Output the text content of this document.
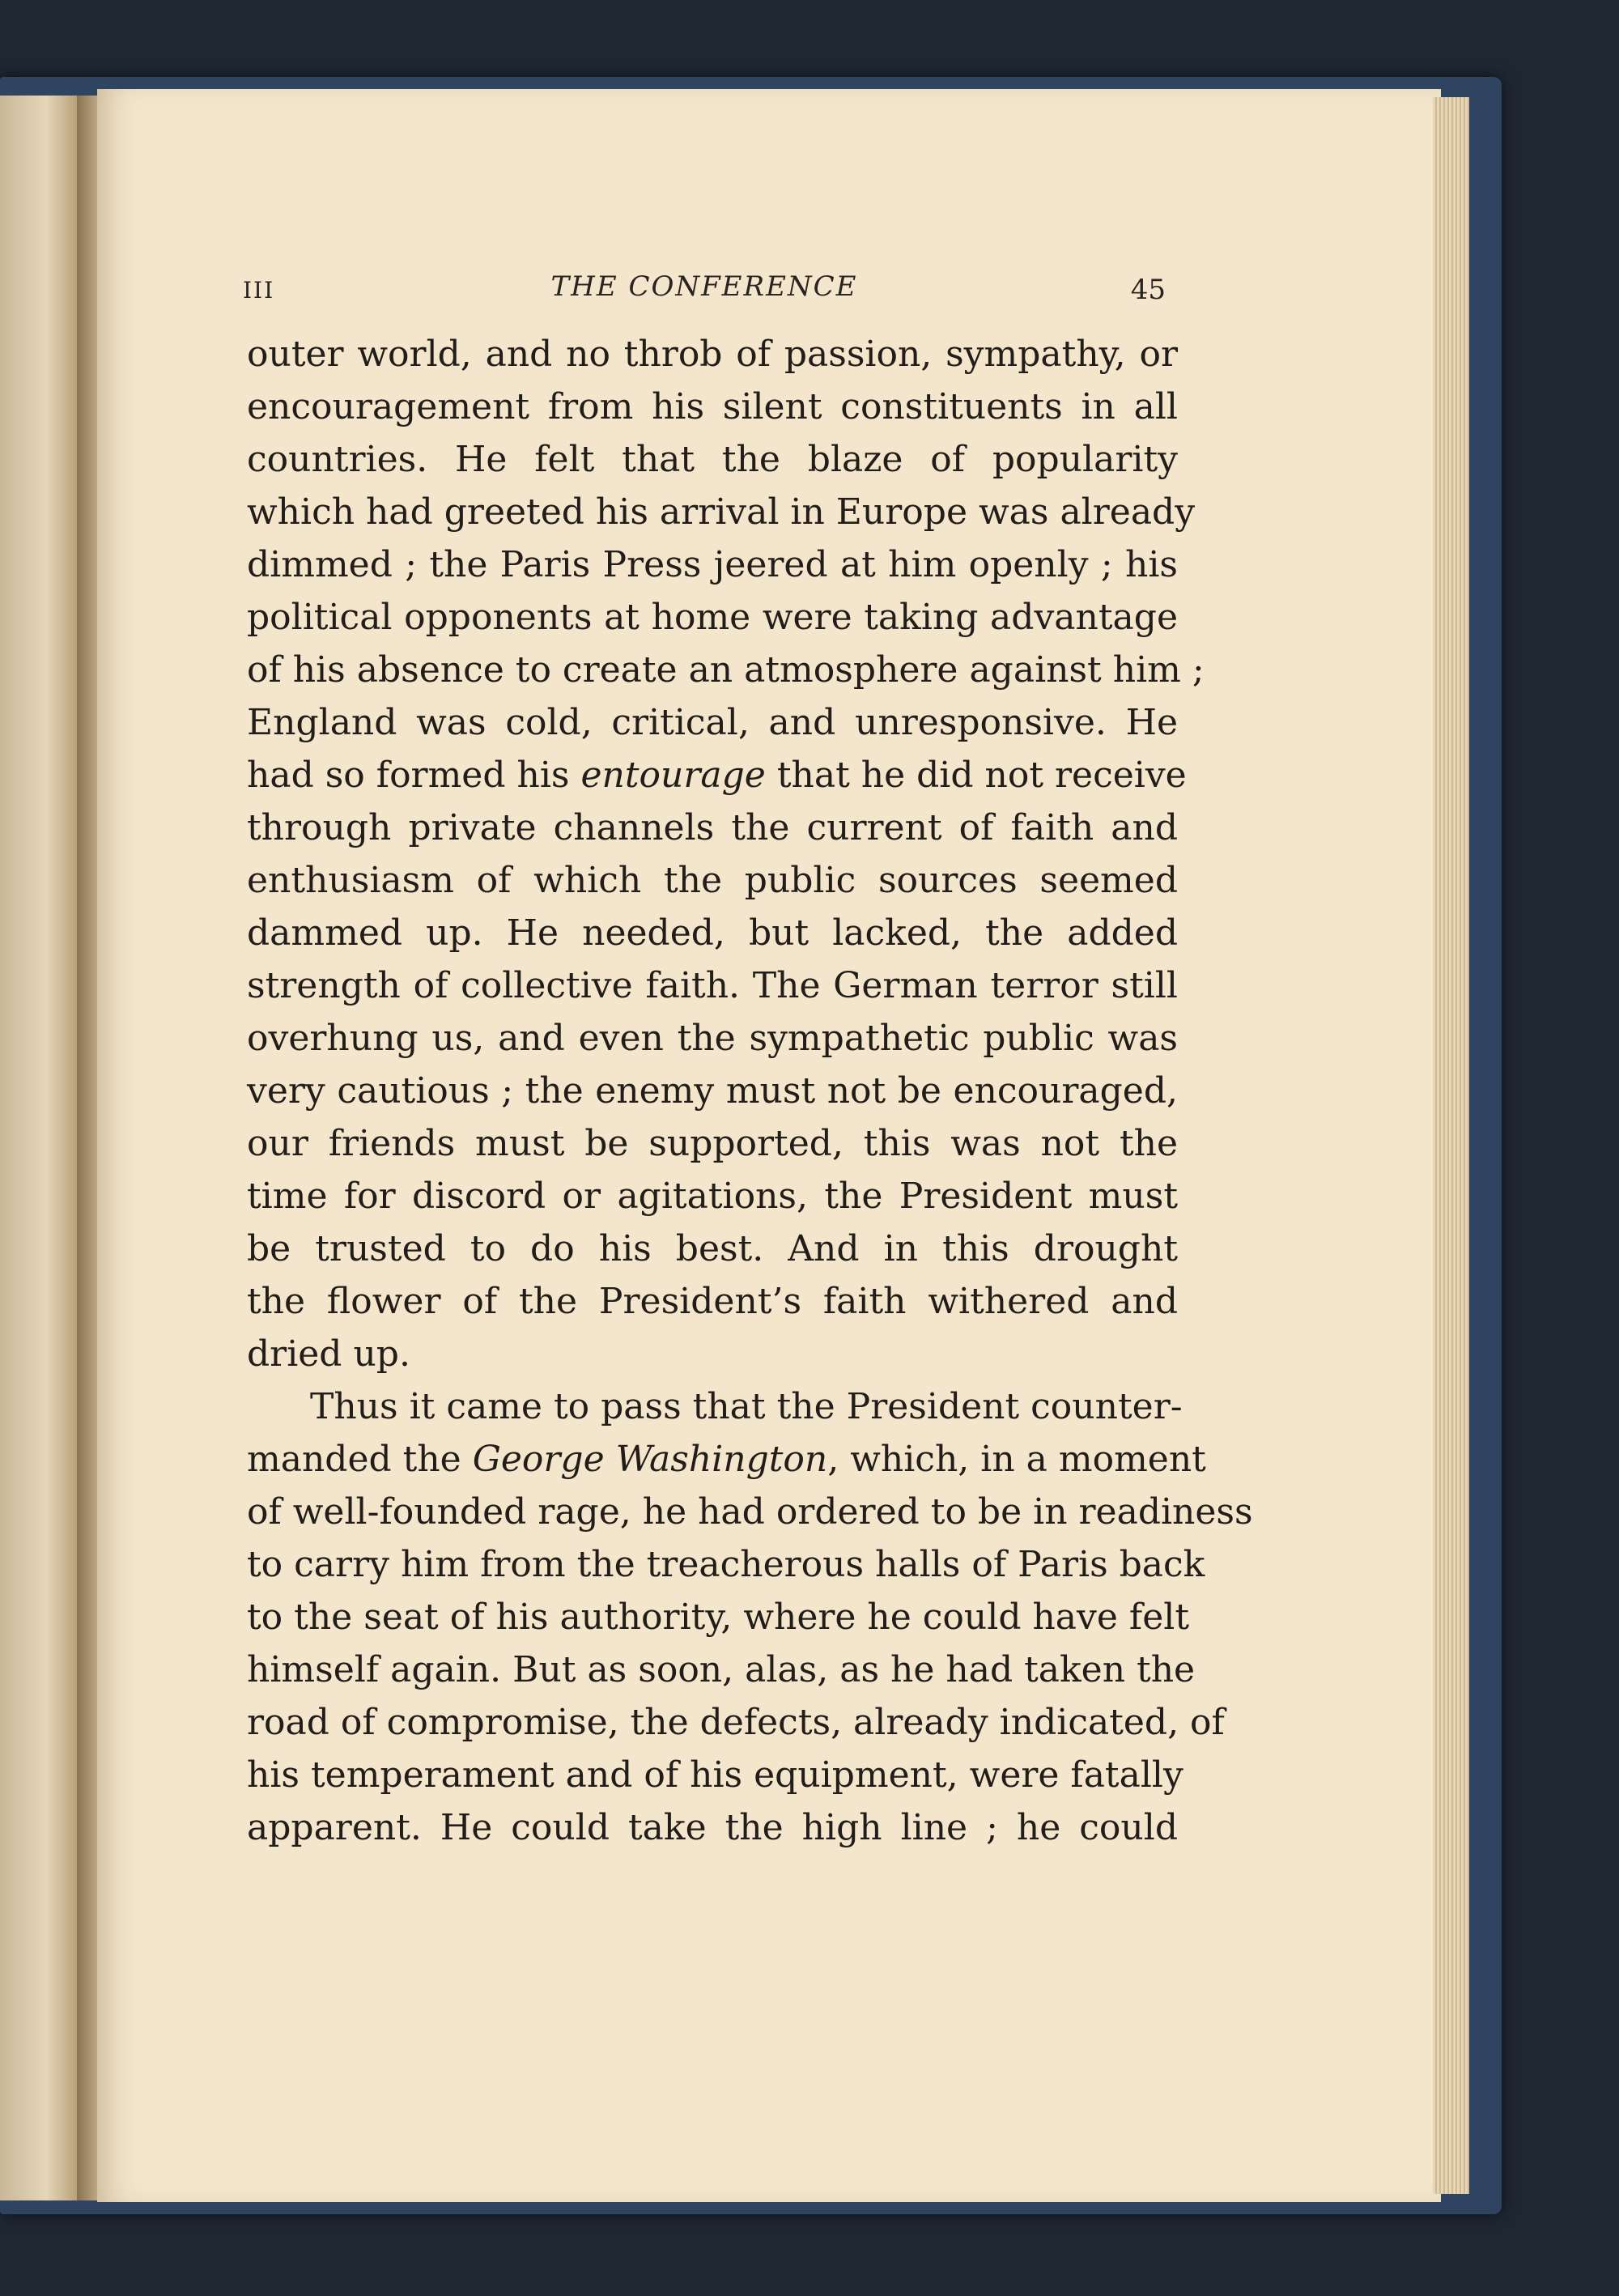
III	THE CONFERENCE	45
outer world, and no throb of passion, sympathy, or
encouragement from his silent constituents in all
countries. He felt that the blaze of popularity
which had greeted his arrival in Europe was already
dimmed ; the Paris Press jeered at him openly ; his
political opponents at home were taking advantage
of his absence to create an atmosphere against him ;
England was cold, critical, and unresponsive. He
had so formed his entourage that he did not receive
through private channels the current of faith and
enthusiasm of which the public sources seemed
dammed up. He needed, but lacked, the added
strength of collective faith. The German terror still
overhung us, and even the sympathetic public was
very cautious ; the enemy must not be encouraged,
our friends must be supported, this was not the
time for discord or agitations, the President must
be trusted to do his best. And in this drought
the flower of the President’s faith withered and
dried up.
Thus it came to pass that the President counter-
manded the George Washington, which, in a moment
of well-founded rage, he had ordered to be in readiness
to carry him from the treacherous halls of Paris back
to the seat of his authority, where he could have felt
himself again. But as soon, alas, as he had taken the
road of compromise, the defects, already indicated, of
his temperament and of his equipment, were fatally
apparent. He could take the high line ; he could
